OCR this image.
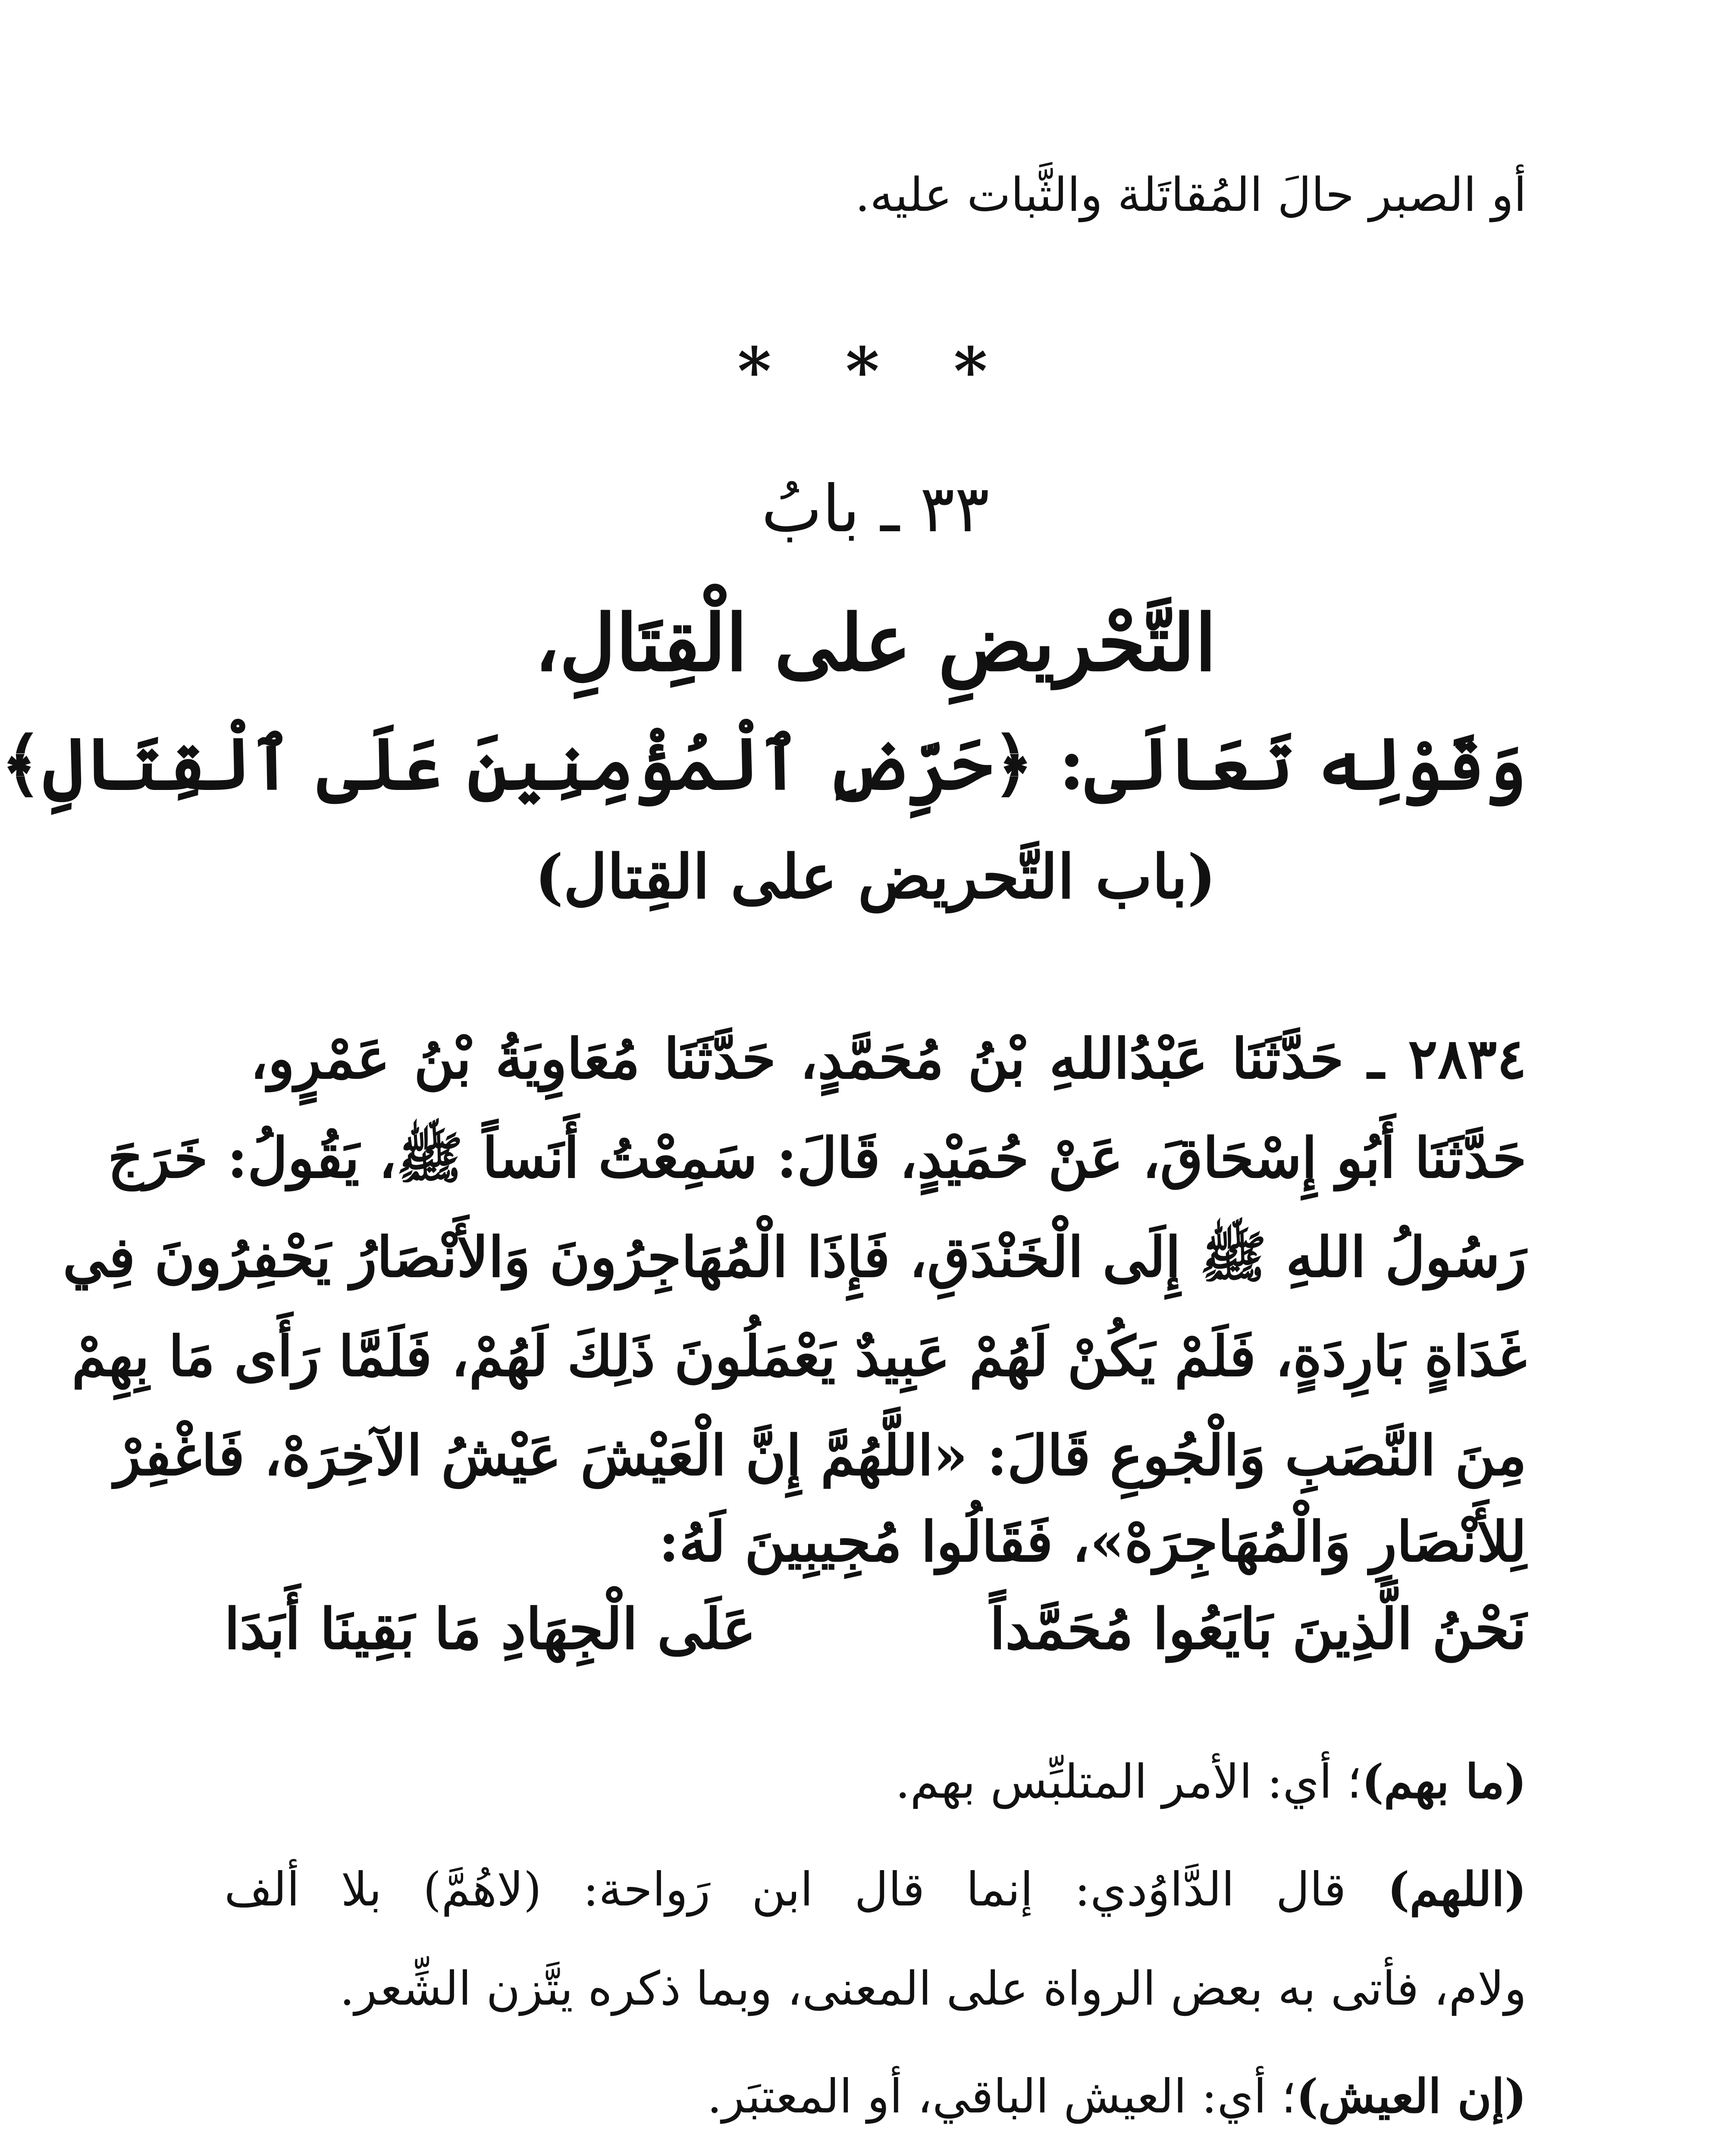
أو الصبر حالَ المُقاتَلة والثَّبات عليه.
* * *
٣٣ ـ بابُ
التَّحْريضِ على الْقِتَالِ،
وَقَوْلِه تَعَالَى: ﴿حَرِّضِ ٱلْمُؤْمِنِينَ عَلَى ٱلْقِتَالِ﴾
(باب التَّحريض على القِتال)
٢٨٣٤ ـ حَدَّثَنَا عَبْدُاللهِ بْنُ مُحَمَّدٍ، حَدَّثَنَا مُعَاوِيَةُ بْنُ عَمْرٍو،
حَدَّثَنَا أَبُو إِسْحَاقَ، عَنْ حُمَيْدٍ، قَالَ: سَمِعْتُ أَنَساً ﷺ، يَقُولُ: خَرَجَ
رَسُولُ اللهِ ﷺ إِلَى الْخَنْدَقِ، فَإِذَا الْمُهَاجِرُونَ وَالأَنْصَارُ يَحْفِرُونَ فِي
غَدَاةٍ بَارِدَةٍ، فَلَمْ يَكُنْ لَهُمْ عَبِيدٌ يَعْمَلُونَ ذَلِكَ لَهُمْ، فَلَمَّا رَأَى مَا بِهِمْ
مِنَ النَّصَبِ وَالْجُوعِ قَالَ: «اللَّهُمَّ إِنَّ الْعَيْشَ عَيْشُ الآخِرَهْ، فَاغْفِرْ
لِلأَنْصَارِ وَالْمُهَاجِرَهْ»، فَقَالُوا مُجِيبِينَ لَهُ:
نَحْنُ الَّذِينَ بَايَعُوا مُحَمَّداً
عَلَى الْجِهَادِ مَا بَقِينَا أَبَدَا
(ما بهم)؛ أي: الأمر المتلبِّس بهم.
(اللهم) قال الدَّاوُدي: إنما قال ابن رَواحة: (لاهُمَّ) بلا ألف
ولام، فأتى به بعض الرواة على المعنى، وبما ذكره يتَّزن الشِّعر.
(إن العيش)؛ أي: العيش الباقي، أو المعتبَر.
